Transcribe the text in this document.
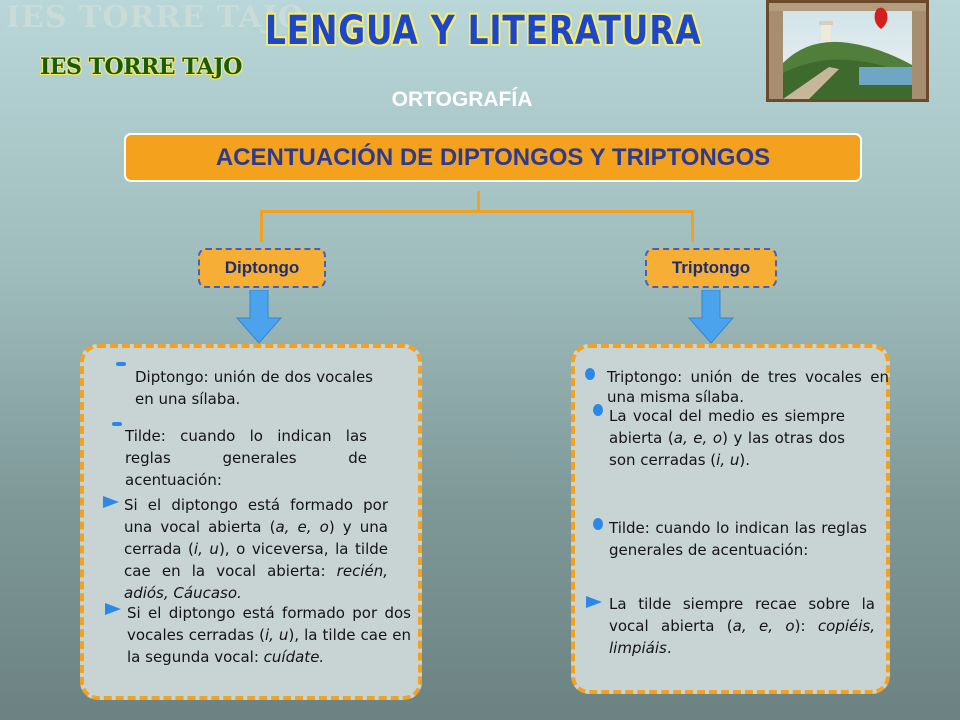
IES TORRE TAJO
LENGUA Y LITERATURA
IES TORRE TAJO
ORTOGRAFÍA
ACENTUACIÓN DE DIPTONGOS Y TRIPTONGOS
Diptongo	Triptongo
Diptongo: unión de dos vocales en una sílaba.
Tilde: cuando lo indican las reglas generales de acentuación:
Si el diptongo está formado por una vocal abierta (a, e, o) y una cerrada (i, u), o viceversa, la tilde cae en la vocal abierta: recién, adiós, Cáucaso.
Si el diptongo está formado por dos vocales cerradas (i, u), la tilde cae en la segunda vocal: cuídate.
Triptongo: unión de tres vocales en una misma sílaba.
La vocal del medio es siempre abierta (a, e, o) y las otras dos son cerradas (i, u).
Tilde: cuando lo indican las reglas generales de acentuación:
La tilde siempre recae sobre la vocal abierta (a, e, o): copiéis, limpiáis.
